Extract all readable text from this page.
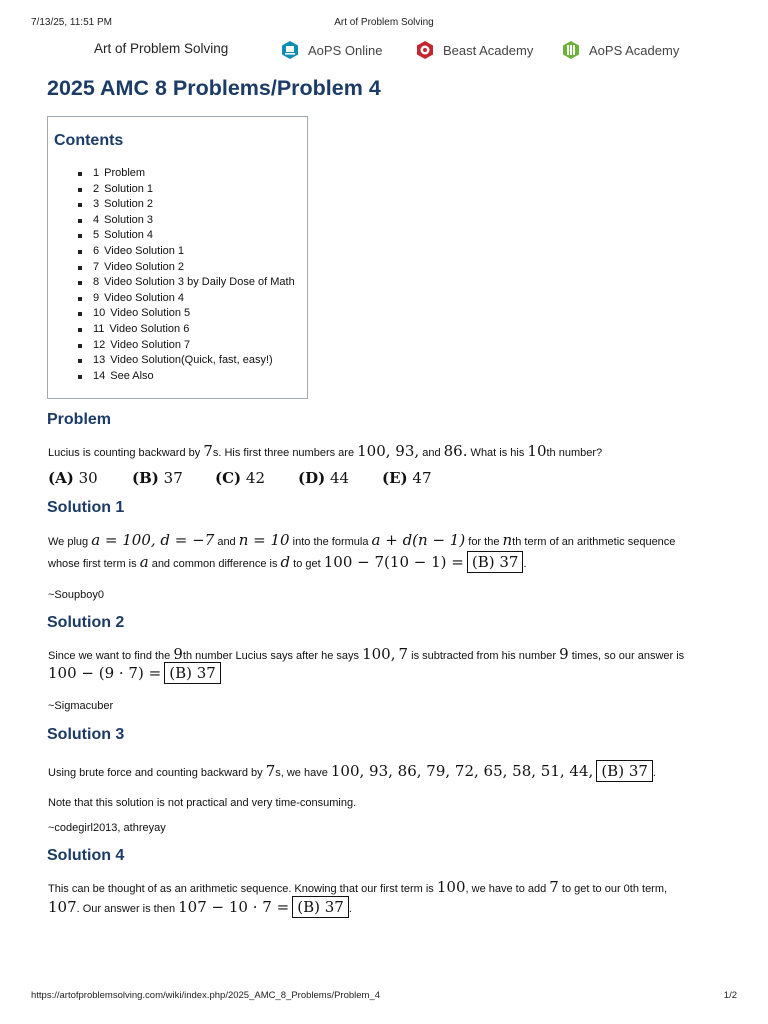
7/13/25, 11:51 PM	Art of Problem Solving
Art of Problem Solving	AoPS Online	Beast Academy	AoPS Academy
2025 AMC 8 Problems/Problem 4
Contents
1 Problem
2 Solution 1
3 Solution 2
4 Solution 3
5 Solution 4
6 Video Solution 1
7 Video Solution 2
8 Video Solution 3 by Daily Dose of Math
9 Video Solution 4
10 Video Solution 5
11 Video Solution 6
12 Video Solution 7
13 Video Solution(Quick, fast, easy!)
14 See Also
Problem
Lucius is counting backward by 7s. His first three numbers are 100, 93, and 86. What is his 10th number?
(A) 30 (B) 37 (C) 42 (D) 44 (E) 47
Solution 1
We plug a = 100, d = −7 and n = 10 into the formula a + d(n − 1) for the nth term of an arithmetic sequence
whose first term is a and common difference is d to get 100 − 7(10 − 1) = (B) 37 .
~Soupboy0
Solution 2
Since we want to find the 9th number Lucius says after he says 100, 7 is subtracted from his number 9 times, so our answer is
100 − (9 · 7) = (B) 37
~Sigmacuber
Solution 3
Using brute force and counting backward by 7s, we have 100, 93, 86, 79, 72, 65, 58, 51, 44, (B) 37 .
Note that this solution is not practical and very time-consuming.
~codegirl2013, athreyay
Solution 4
This can be thought of as an arithmetic sequence. Knowing that our first term is 100, we have to add 7 to get to our 0th term,
107. Our answer is then 107 − 10 · 7 = (B) 37 .
https://artofproblemsolving.com/wiki/index.php/2025_AMC_8_Problems/Problem_4	1/2
